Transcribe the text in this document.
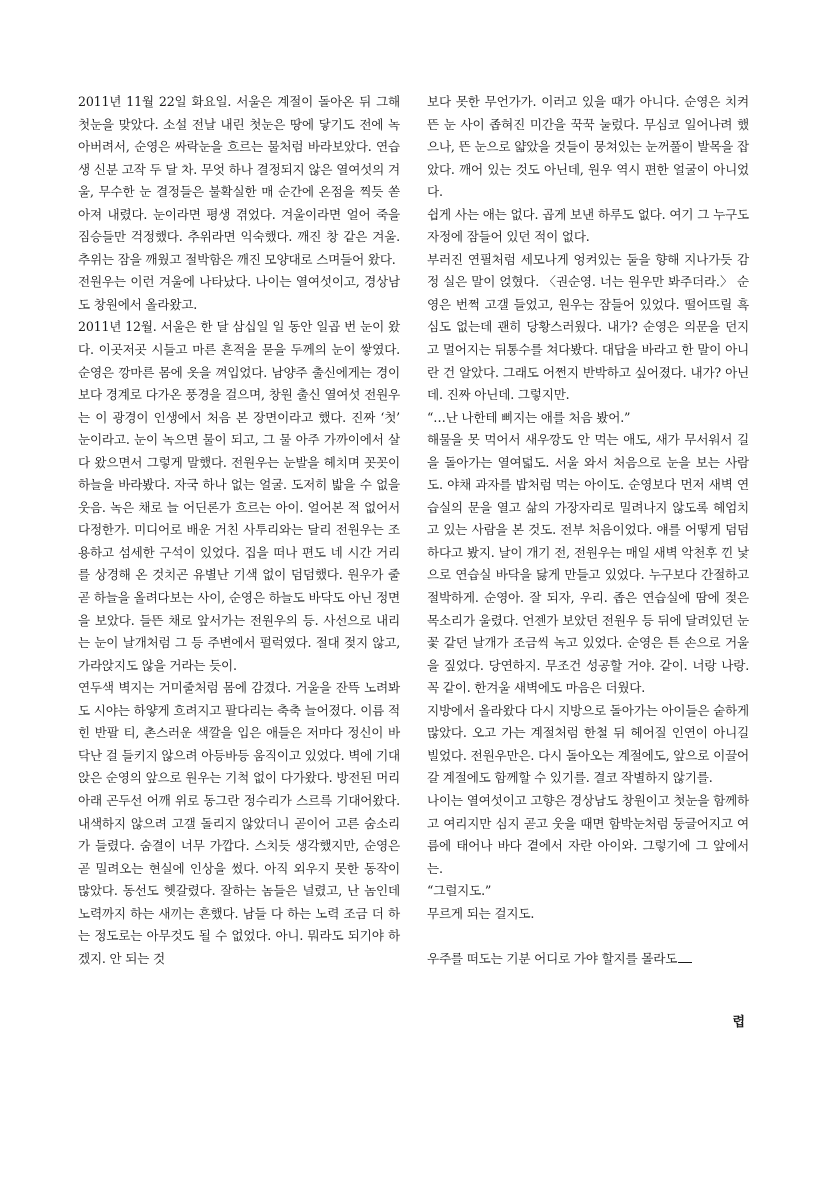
2011년 11월 22일 화요일. 서울은 계절이 돌아온 뒤 그해 첫눈을 맞았다. 소설 전날 내린 첫눈은 땅에 닿기도 전에 녹아버려서, 순영은 싸락눈을 흐르는 물처럼 바라보았다. 연습생 신분 고작 두 달 차. 무엇 하나 결정되지 않은 열여섯의 겨울, 무수한 눈 결정들은 불확실한 매 순간에 온점을 찍듯 쏟아져 내렸다. 눈이라면 평생 겪었다. 겨울이라면 얼어 죽을 짐승들만 걱정했다. 추위라면 익숙했다. 깨진 창 같은 겨울. 추위는 잠을 깨웠고 절박함은 깨진 모양대로 스며들어 왔다.

전원우는 이런 겨울에 나타났다. 나이는 열여섯이고, 경상남도 창원에서 올라왔고.

2011년 12월. 서울은 한 달 삼십일 일 동안 일곱 번 눈이 왔다. 이곳저곳 시들고 마른 흔적을 묻을 두께의 눈이 쌓였다. 순영은 깡마른 몸에 옷을 껴입었다. 남양주 출신에게는 경이보다 경계로 다가온 풍경을 걸으며, 창원 출신 열여섯 전원우는 이 광경이 인생에서 처음 본 장면이라고 했다. 진짜 ‘첫’ 눈이라고. 눈이 녹으면 물이 되고, 그 물 아주 가까이에서 살다 왔으면서 그렇게 말했다. 전원우는 눈발을 헤치며 꼿꼿이 하늘을 바라봤다. 자국 하나 없는 얼굴. 도저히 밟을 수 없을 웃음. 녹은 채로 늘 어딘론가 흐르는 아이. 얼어본 적 없어서 다정한가. 미디어로 배운 거친 사투리와는 달리 전원우는 조용하고 섬세한 구석이 있었다. 집을 떠나 편도 네 시간 거리를 상경해 온 것치곤 유별난 기색 없이 덤덤했다. 원우가 줄곧 하늘을 올려다보는 사이, 순영은 하늘도 바닥도 아닌 정면을 보았다. 들뜬 채로 앞서가는 전원우의 등. 사선으로 내리는 눈이 날개처럼 그 등 주변에서 펄럭였다. 절대 젖지 않고, 가라앉지도 않을 거라는 듯이.

연두색 벽지는 거미줄처럼 몸에 감겼다. 거울을 잔뜩 노려봐도 시야는 하얗게 흐려지고 팔다리는 축축 늘어졌다. 이름 적힌 반팔 티, 촌스러운 색깔을 입은 애들은 저마다 정신이 바닥난 걸 들키지 않으려 아등바등 움직이고 있었다. 벽에 기대앉은 순영의 앞으로 원우는 기척 없이 다가왔다. 방전된 머리 아래 곤두선 어깨 위로 동그란 정수리가 스르륵 기대어왔다. 내색하지 않으려 고갤 돌리지 않았더니 곧이어 고른 숨소리가 들렸다. 숨결이 너무 가깝다. 스치듯 생각했지만, 순영은 곧 밀려오는 현실에 인상을 썼다. 아직 외우지 못한 동작이 많았다. 동선도 헷갈렸다. 잘하는 놈들은 널렸고, 난 놈인데 노력까지 하는 새끼는 흔했다. 남들 다 하는 노력 조금 더 하는 정도로는 아무것도 될 수 없었다. 아니. 뭐라도 되기야 하겠지. 안 되는 것

보다 못한 무언가가. 이러고 있을 때가 아니다. 순영은 치켜뜬 눈 사이 좁혀진 미간을 꾹꾹 눌렀다. 무심코 일어나려 했으나, 뜬 눈으로 얇았을 것들이 뭉쳐있는 눈꺼풀이 발목을 잡았다. 깨어 있는 것도 아닌데, 원우 역시 편한 얼굴이 아니었다.

쉽게 사는 애는 없다. 곱게 보낸 하루도 없다. 여기 그 누구도 자정에 잠들어 있던 적이 없다.

부러진 연필처럼 세모나게 엉켜있는 둘을 향해 지나가듯 감정 실은 말이 얹혔다. 〈권순영. 너는 원우만 봐주더라.〉 순영은 번쩍 고갤 들었고, 원우는 잠들어 있었다. 떨어뜨릴 흑심도 없는데 괜히 당황스러웠다. 내가? 순영은 의문을 던지고 멀어지는 뒤통수를 쳐다봤다. 대답을 바라고 한 말이 아니란 건 알았다. 그래도 어쩐지 반박하고 싶어졌다. 내가? 아닌데. 진짜 아닌데. 그렇지만.

“…난 나한테 삐지는 애를 처음 봤어.”

해물을 못 먹어서 새우깡도 안 먹는 애도, 새가 무서워서 길을 돌아가는 열여덟도. 서울 와서 처음으로 눈을 보는 사람도. 야채 과자를 밥처럼 먹는 아이도. 순영보다 먼저 새벽 연습실의 문을 열고 삶의 가장자리로 밀려나지 않도록 헤엄치고 있는 사람을 본 것도. 전부 처음이었다. 얘를 어떻게 덤덤하다고 봤지. 날이 개기 전, 전원우는 매일 새벽 악천후 낀 낯으로 연습실 바닥을 닳게 만들고 있었다. 누구보다 간절하고 절박하게. 순영아. 잘 되자, 우리. 좁은 연습실에 땀에 젖은 목소리가 울렸다. 언젠가 보았던 전원우 등 뒤에 달려있던 눈꽃 같던 날개가 조금씩 녹고 있었다. 순영은 튼 손으로 거울을 짚었다. 당연하지. 무조건 성공할 거야. 같이. 너랑 나랑. 꼭 같이. 한겨울 새벽에도 마음은 더웠다.

지방에서 올라왔다 다시 지방으로 돌아가는 아이들은 숱하게 많았다. 오고 가는 계절처럼 한철 뒤 헤어질 인연이 아니길 빌었다. 전원우만은. 다시 돌아오는 계절에도, 앞으로 이끌어 갈 계절에도 함께할 수 있기를. 결코 작별하지 않기를.

나이는 열여섯이고 고향은 경상남도 창원이고 첫눈을 함께하고 여리지만 심지 곧고 웃을 때면 함박눈처럼 둥글어지고 여름에 태어나 바다 곁에서 자란 아이와. 그렇기에 그 앞에서는.

“그럴지도.”

무르게 되는 걸지도.

우주를 떠도는 기분 어디로 가야 할지를 몰라도

렵
